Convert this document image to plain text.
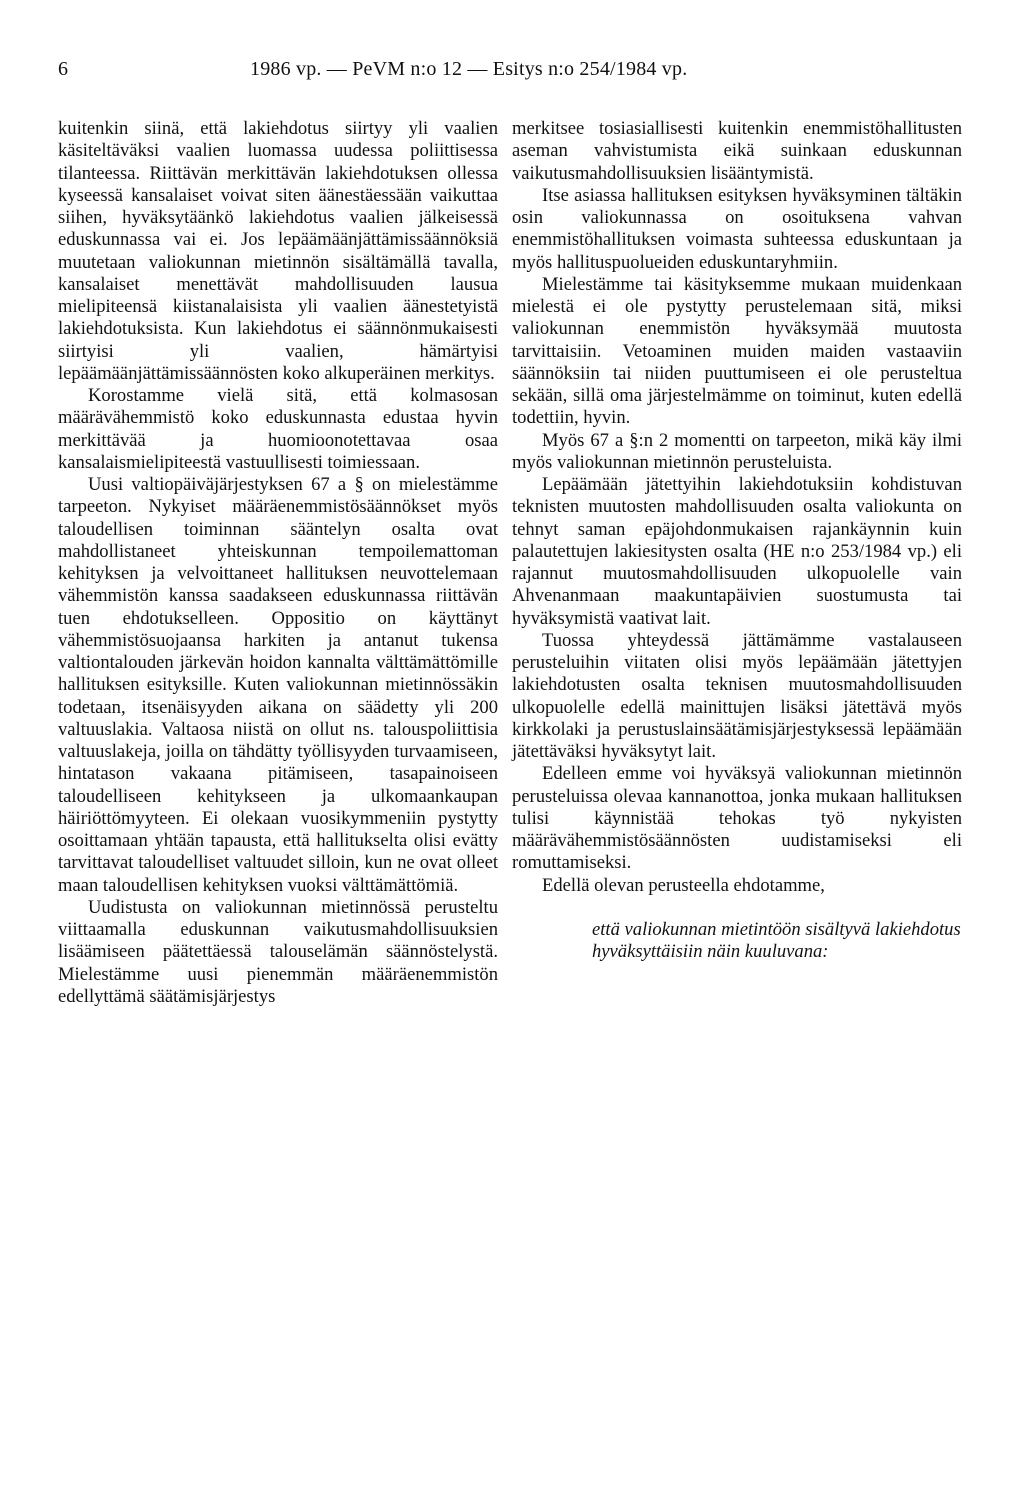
6	1986 vp. — PeVM n:o 12 — Esitys n:o 254/1984 vp.

kuitenkin siinä, että lakiehdotus siirtyy yli vaalien käsiteltäväksi vaalien luomassa uudessa poliittisessa tilanteessa. Riittävän merkittävän lakiehdotuksen ollessa kyseessä kansalaiset voivat siten äänestäessään vaikuttaa siihen, hyväksytäänkö lakiehdotus vaalien jälkeisessä eduskunnassa vai ei. Jos lepäämäänjättämissäännöksiä muutetaan valiokunnan mietinnön sisältämällä tavalla, kansalaiset menettävät mahdollisuuden lausua mielipiteensä kiistanalaisista yli vaalien äänestetyistä lakiehdotuksista. Kun lakiehdotus ei säännönmukaisesti siirtyisi yli vaalien, hämärtyisi lepäämäänjättämissäännösten koko alkuperäinen merkitys.

Korostamme vielä sitä, että kolmasosan määrävähemmistö koko eduskunnasta edustaa hyvin merkittävää ja huomioonotettavaa osaa kansalaismielipiteestä vastuullisesti toimiessaan.

Uusi valtiopäiväjärjestyksen 67 a § on mielestämme tarpeeton. Nykyiset määräenemmistösäännökset myös taloudellisen toiminnan sääntelyn osalta ovat mahdollistaneet yhteiskunnan tempoilemattoman kehityksen ja velvoittaneet hallituksen neuvottelemaan vähemmistön kanssa saadakseen eduskunnassa riittävän tuen ehdotukselleen. Oppositio on käyttänyt vähemmistösuojaansa harkiten ja antanut tukensa valtiontalouden järkevän hoidon kannalta välttämättömille hallituksen esityksille. Kuten valiokunnan mietinnössäkin todetaan, itsenäisyyden aikana on säädetty yli 200 valtuuslakia. Valtaosa niistä on ollut ns. talouspoliittisia valtuuslakeja, joilla on tähdätty työllisyyden turvaamiseen, hintatason vakaana pitämiseen, tasapainoiseen taloudelliseen kehitykseen ja ulkomaankaupan häiriöttömyyteen. Ei olekaan vuosikymmeniin pystytty osoittamaan yhtään tapausta, että hallitukselta olisi evätty tarvittavat taloudelliset valtuudet silloin, kun ne ovat olleet maan taloudellisen kehityksen vuoksi välttämättömiä.

Uudistusta on valiokunnan mietinnössä perusteltu viittaamalla eduskunnan vaikutusmahdollisuuksien lisäämiseen päätettäessä talouselämän säännöstelystä. Mielestämme uusi pienemmän määräenemmistön edellyttämä säätämisjärjestys

merkitsee tosiasiallisesti kuitenkin enemmistöhallitusten aseman vahvistumista eikä suinkaan eduskunnan vaikutusmahdollisuuksien lisääntymistä.

Itse asiassa hallituksen esityksen hyväksyminen tältäkin osin valiokunnassa on osoituksena vahvan enemmistöhallituksen voimasta suhteessa eduskuntaan ja myös hallituspuolueiden eduskuntaryhmiin.

Mielestämme tai käsityksemme mukaan muidenkaan mielestä ei ole pystytty perustelemaan sitä, miksi valiokunnan enemmistön hyväksymää muutosta tarvittaisiin. Vetoaminen muiden maiden vastaaviin säännöksiin tai niiden puuttumiseen ei ole perusteltua sekään, sillä oma järjestelmämme on toiminut, kuten edellä todettiin, hyvin.

Myös 67 a §:n 2 momentti on tarpeeton, mikä käy ilmi myös valiokunnan mietinnön perusteluista.

Lepäämään jätettyihin lakiehdotuksiin kohdistuvan teknisten muutosten mahdollisuuden osalta valiokunta on tehnyt saman epäjohdonmukaisen rajankäynnin kuin palautettujen lakiesitysten osalta (HE n:o 253/1984 vp.) eli rajannut muutosmahdollisuuden ulkopuolelle vain Ahvenanmaan maakuntapäivien suostumusta tai hyväksymistä vaativat lait.

Tuossa yhteydessä jättämämme vastalauseen perusteluihin viitaten olisi myös lepäämään jätettyjen lakiehdotusten osalta teknisen muutosmahdollisuuden ulkopuolelle edellä mainittujen lisäksi jätettävä myös kirkkolaki ja perustuslainsäätämisjärjestyksessä lepäämään jätettäväksi hyväksytyt lait.

Edelleen emme voi hyväksyä valiokunnan mietinnön perusteluissa olevaa kannanottoa, jonka mukaan hallituksen tulisi käynnistää tehokas työ nykyisten määrävähemmistösäännösten uudistamiseksi eli romuttamiseksi.

Edellä olevan perusteella ehdotamme,

että valiokunnan mietintöön sisältyvä lakiehdotus hyväksyttäisiin näin kuuluvana:
